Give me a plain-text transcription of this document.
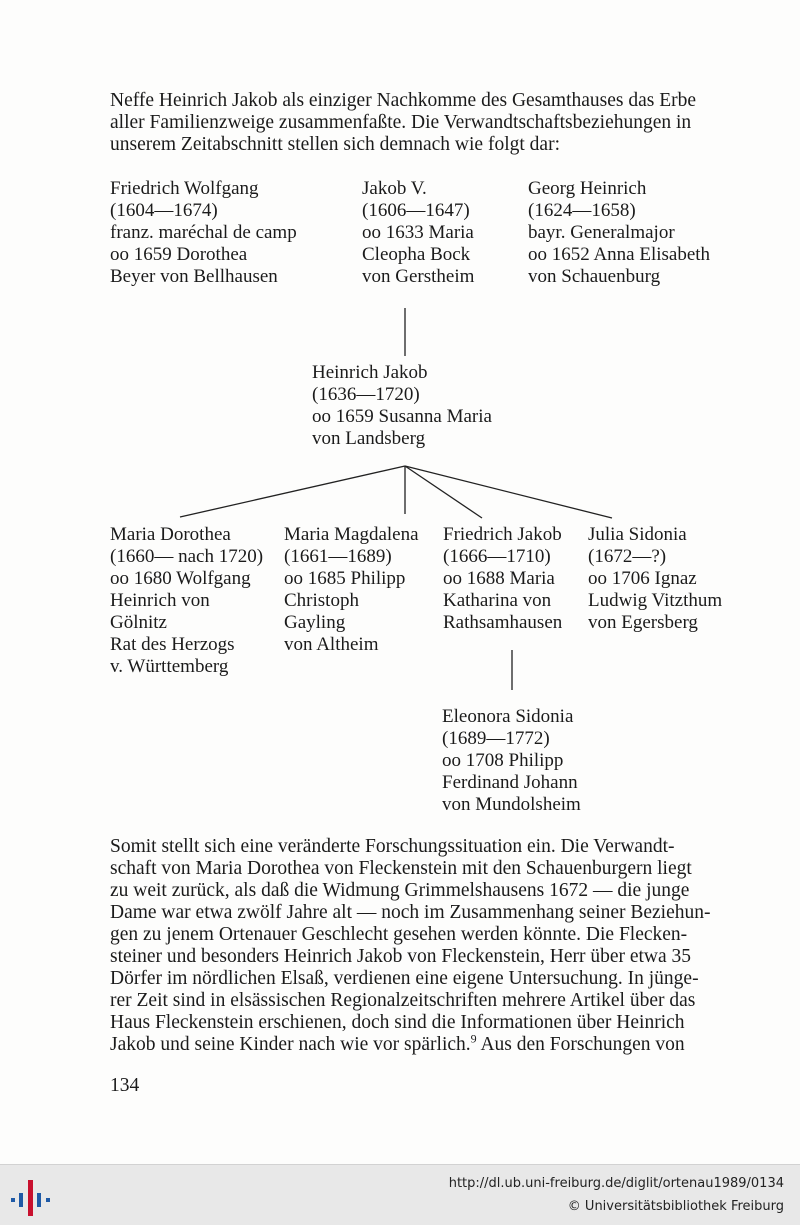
Neffe Heinrich Jakob als einziger Nachkomme des Gesamthauses das Erbe

aller Familienzweige zusammenfaßte. Die Verwandtschaftsbeziehungen in

unserem Zeitabschnitt stellen sich demnach wie folgt dar:

Friedrich Wolfgang
(1604—1674)
franz. maréchal de camp
oo 1659 Dorothea
Beyer von Bellhausen
Jakob V.
(1606—1647)
oo 1633 Maria
Cleopha Bock
von Gerstheim
Georg Heinrich
(1624—1658)
bayr. Generalmajor
oo 1652 Anna Elisabeth
von Schauenburg
Heinrich Jakob
(1636—1720)
oo 1659 Susanna Maria
von Landsberg
Maria Dorothea
(1660— nach 1720)
oo 1680 Wolfgang
Heinrich von
Gölnitz
Rat des Herzogs
v. Württemberg
Maria Magdalena
(1661—1689)
oo 1685 Philipp
Christoph
Gayling
von Altheim
Friedrich Jakob
(1666—1710)
oo 1688 Maria
Katharina von
Rathsamhausen
Julia Sidonia
(1672—?)
oo 1706 Ignaz
Ludwig Vitzthum
von Egersberg
Eleonora Sidonia
(1689—1772)
oo 1708 Philipp
Ferdinand Johann
von Mundolsheim

Somit stellt sich eine veränderte Forschungssituation ein. Die Verwandt-

schaft von Maria Dorothea von Fleckenstein mit den Schauenburgern liegt

zu weit zurück, als daß die Widmung Grimmelshausens 1672 — die junge

Dame war etwa zwölf Jahre alt — noch im Zusammenhang seiner Beziehun-

gen zu jenem Ortenauer Geschlecht gesehen werden könnte. Die Flecken-

steiner und besonders Heinrich Jakob von Fleckenstein, Herr über etwa 35

Dörfer im nördlichen Elsaß, verdienen eine eigene Untersuchung. In jünge-

rer Zeit sind in elsässischen Regionalzeitschriften mehrere Artikel über das

Haus Fleckenstein erschienen, doch sind die Informationen über Heinrich

Jakob und seine Kinder nach wie vor spärlich.$^9$ Aus den Forschungen von

134
http://dl.ub.uni-freiburg.de/diglit/ortenau1989/0134
© Universitätsbibliothek Freiburg
